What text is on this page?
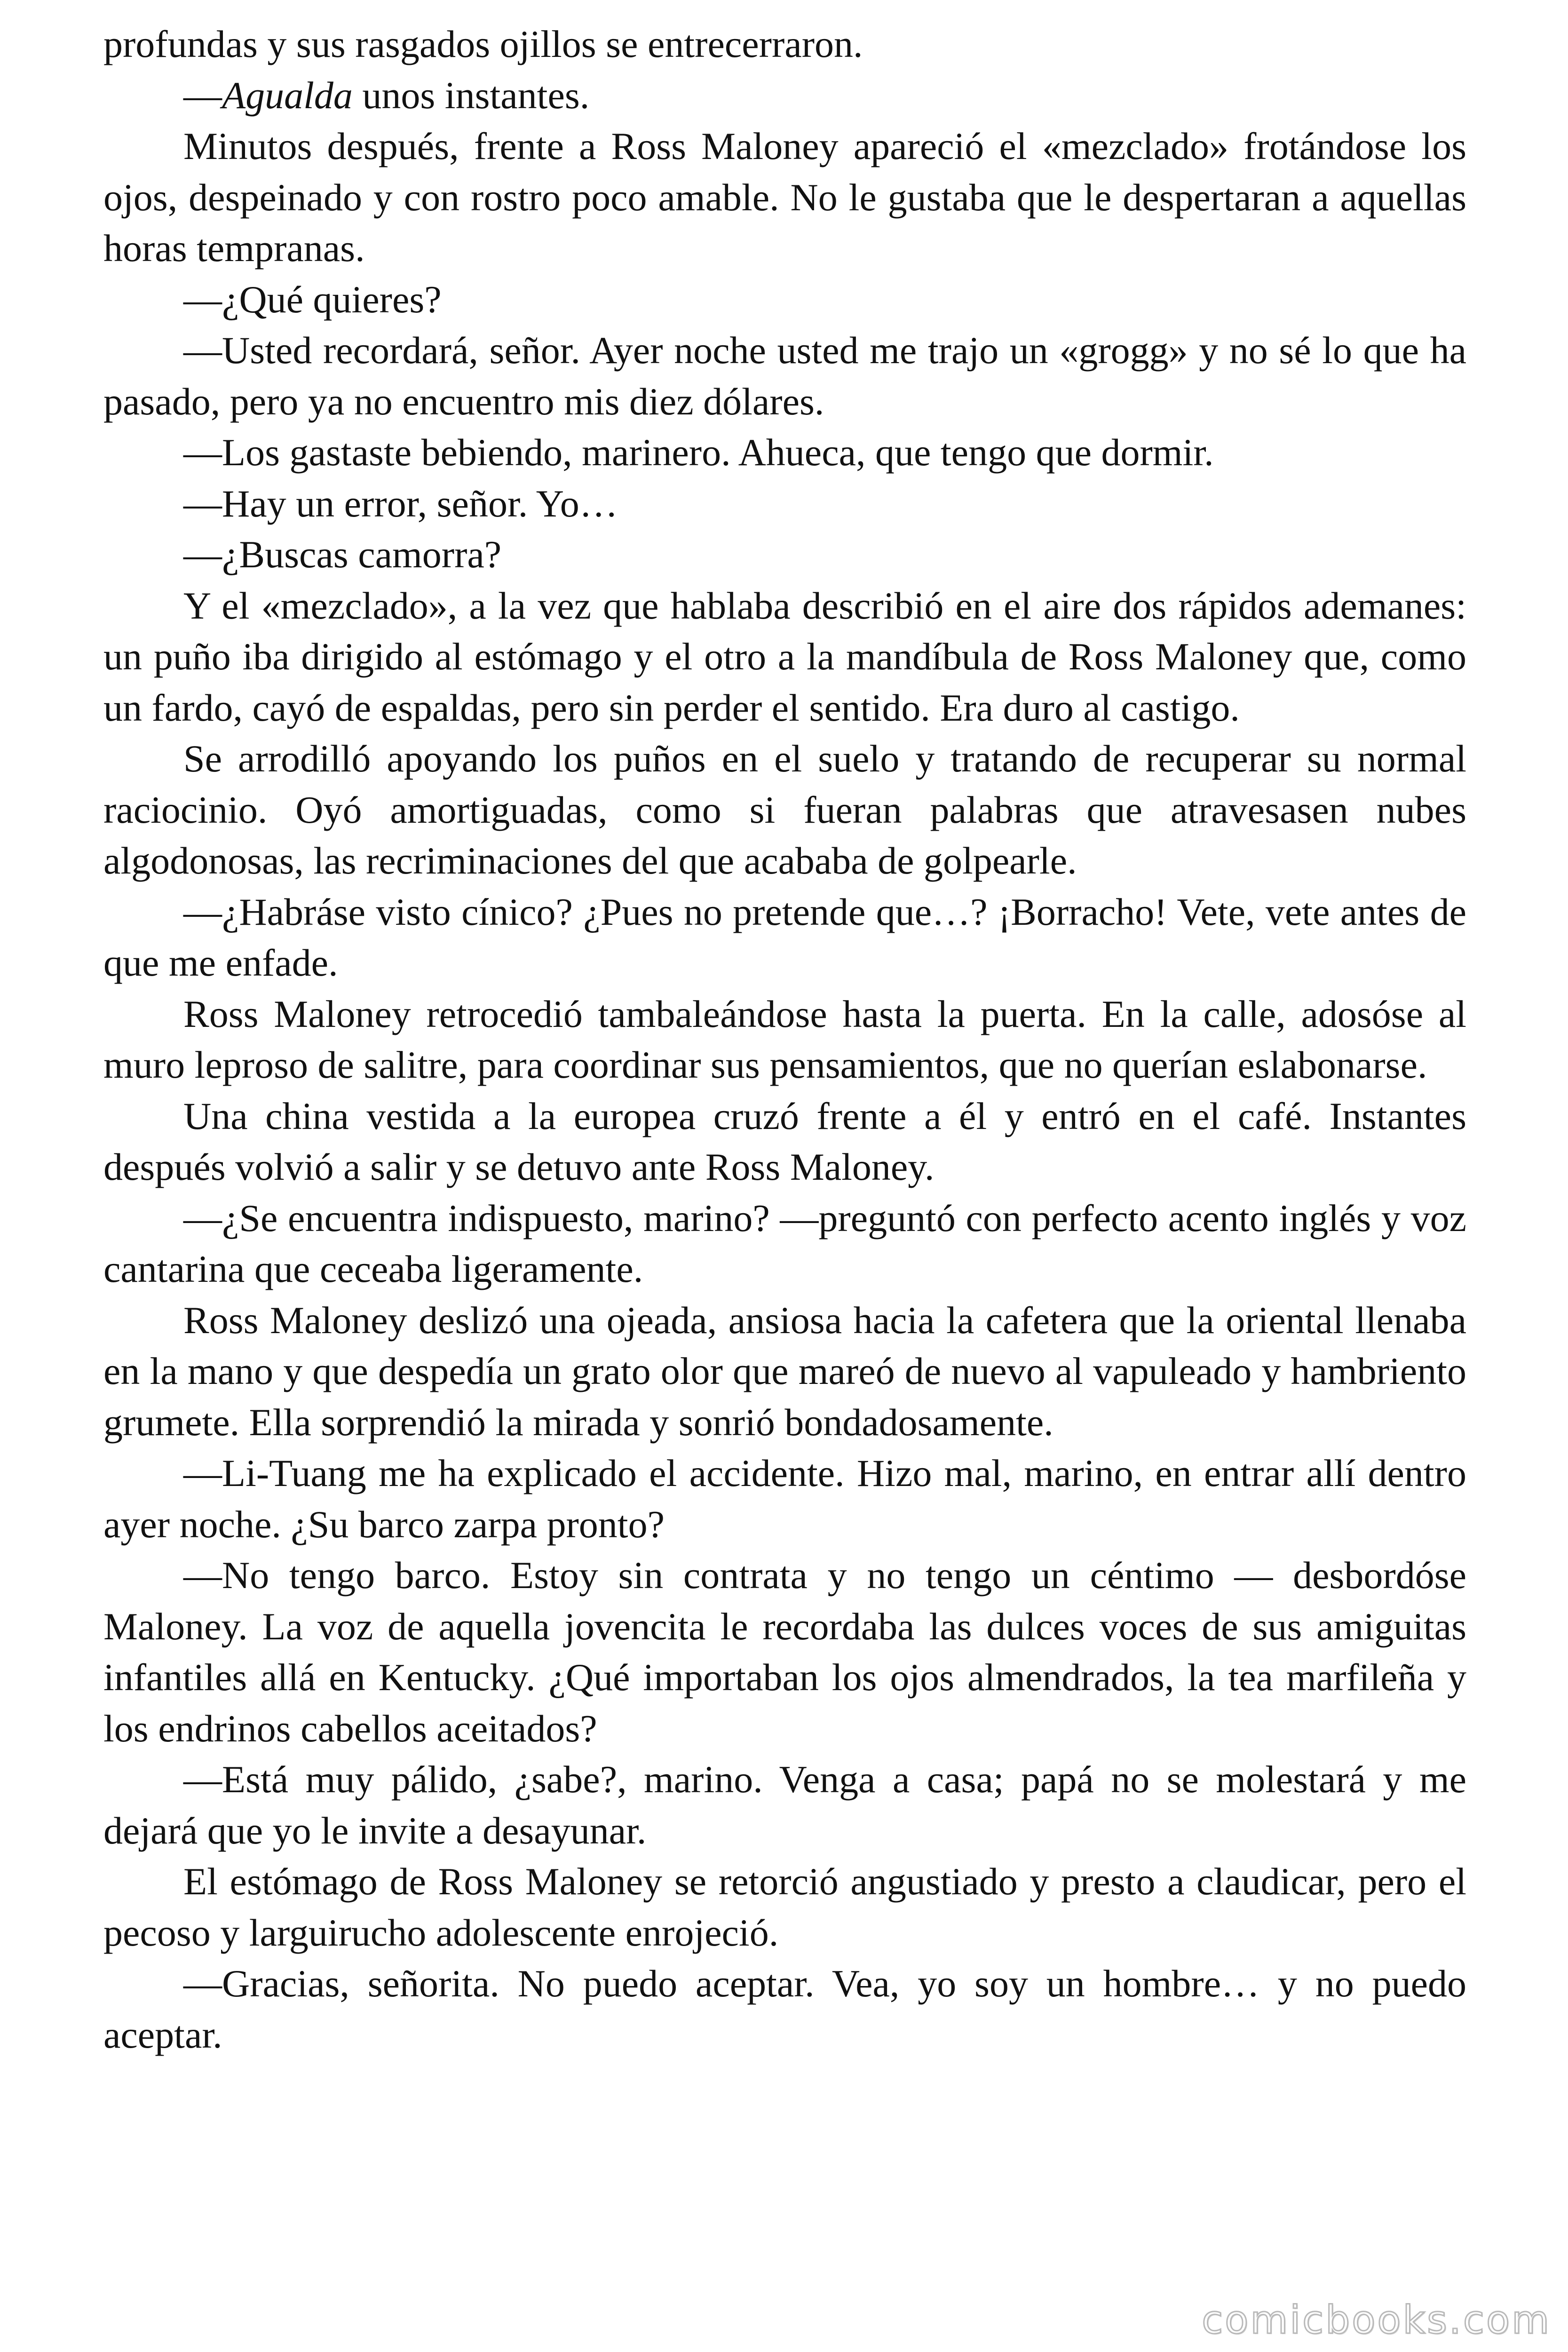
profundas y sus rasgados ojillos se entrecerraron.

—Agualda unos instantes.

Minutos después, frente a Ross Maloney apareció el «mezclado» frotándose los ojos, despeinado y con rostro poco amable. No le gustaba que le despertaran a aquellas horas tempranas.

—¿Qué quieres?

—Usted recordará, señor. Ayer noche usted me trajo un «grogg» y no sé lo que ha pasado, pero ya no encuentro mis diez dólares.

—Los gastaste bebiendo, marinero. Ahueca, que tengo que dormir.

—Hay un error, señor. Yo…

—¿Buscas camorra?

Y el «mezclado», a la vez que hablaba describió en el aire dos rápidos ademanes: un puño iba dirigido al estómago y el otro a la mandíbula de Ross Maloney que, como un fardo, cayó de espaldas, pero sin perder el sentido. Era duro al castigo.

Se arrodilló apoyando los puños en el suelo y tratando de recuperar su normal raciocinio. Oyó amortiguadas, como si fueran palabras que atravesasen nubes algodonosas, las recriminaciones del que acababa de golpearle.

—¿Habráse visto cínico? ¿Pues no pretende que…? ¡Borracho! Vete, vete antes de que me enfade.

Ross Maloney retrocedió tambaleándose hasta la puerta. En la calle, adosóse al muro leproso de salitre, para coordinar sus pensamientos, que no querían eslabonarse.

Una china vestida a la europea cruzó frente a él y entró en el café. Instantes después volvió a salir y se detuvo ante Ross Maloney.

—¿Se encuentra indispuesto, marino? —preguntó con perfecto acento inglés y voz cantarina que ceceaba ligeramente.

Ross Maloney deslizó una ojeada, ansiosa hacia la cafetera que la oriental llenaba en la mano y que despedía un grato olor que mareó de nuevo al vapuleado y hambriento grumete. Ella sorprendió la mirada y sonrió bondadosamente.

—Li-Tuang me ha explicado el accidente. Hizo mal, marino, en entrar allí dentro ayer noche. ¿Su barco zarpa pronto?

—No tengo barco. Estoy sin contrata y no tengo un céntimo — desbordóse Maloney. La voz de aquella jovencita le recordaba las dulces voces de sus amiguitas infantiles allá en Kentucky. ¿Qué importaban los ojos almendrados, la tea marfileña y los endrinos cabellos aceitados?

—Está muy pálido, ¿sabe?, marino. Venga a casa; papá no se molestará y me dejará que yo le invite a desayunar.

El estómago de Ross Maloney se retorció angustiado y presto a claudicar, pero el pecoso y larguirucho adolescente enrojeció.

—Gracias, señorita. No puedo aceptar. Vea, yo soy un hombre… y no puedo aceptar.

comicbooks.com
